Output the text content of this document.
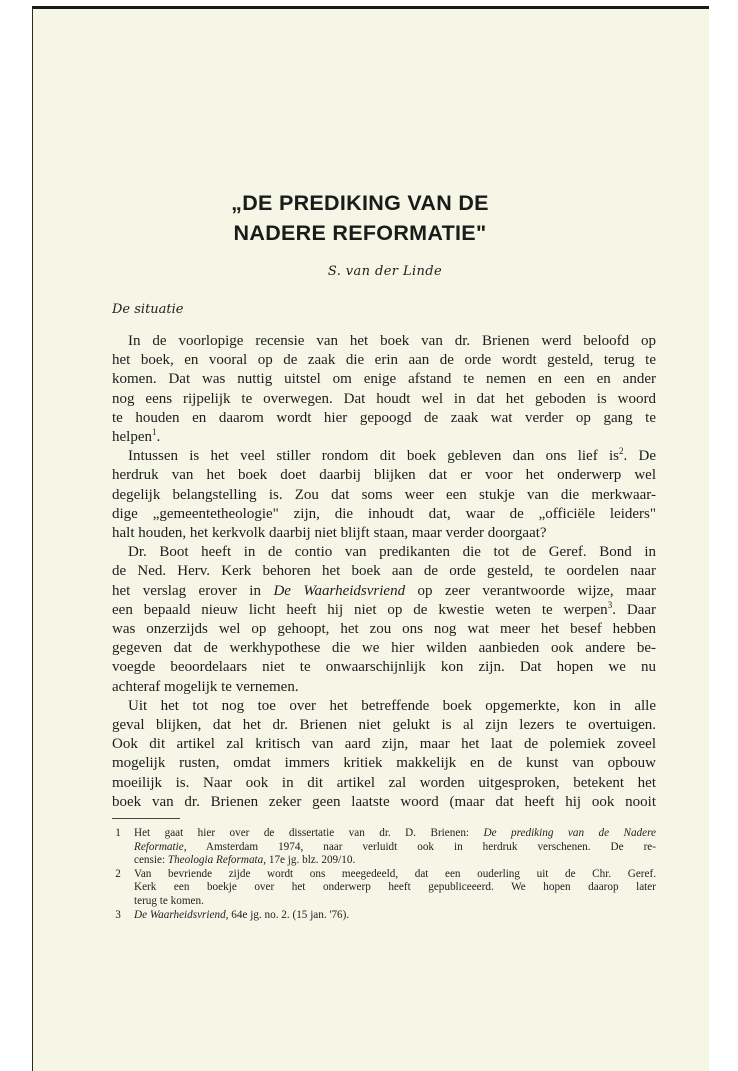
„DE PREDIKING VAN DE
NADERE REFORMATIE"
S. van der Linde
De situatie
In de voorlopige recensie van het boek van dr. Brienen werd beloofd op
het boek, en vooral op de zaak die erin aan de orde wordt gesteld, terug te
komen. Dat was nuttig uitstel om enige afstand te nemen en een en ander
nog eens rijpelijk te overwegen. Dat houdt wel in dat het geboden is woord
te houden en daarom wordt hier gepoogd de zaak wat verder op gang te
helpen$^1$.
Intussen is het veel stiller rondom dit boek gebleven dan ons lief $is^2$. De
herdruk van het boek doet daarbij blijken dat er voor het onderwerp wel
degelijk belangstelling is. Zou dat soms weer een stukje van die merkwaar-
dige „gemeentetheologie" zijn, die inhoudt dat, waar de „officiële leiders"
halt houden, het kerkvolk daarbij niet blijft staan, maar verder doorgaat?
Dr. Boot heeft in de contio van predikanten die tot de Geref. Bond in
de Ned. Herv. Kerk behoren het boek aan de orde gesteld, te oordelen naar
het verslag erover in De Waarheidsvriend op zeer verantwoorde wijze, maar
een bepaald nieuw licht heeft hij niet op de kwestie weten te werpen$^3$. Daar
was onzerzijds wel op gehoopt, het zou ons nog wat meer het besef hebben
gegeven dat de werkhypothese die we hier wilden aanbieden ook andere be-
voegde beoordelaars niet te onwaarschijnlijk kon zijn. Dat hopen we nu
achteraf mogelijk te vernemen.
Uit het tot nog toe over het betreffende boek opgemerkte, kon in alle
geval blijken, dat het dr. Brienen niet gelukt is al zijn lezers te overtuigen.
Ook dit artikel zal kritisch van aard zijn, maar het laat de polemiek zoveel
mogelijk rusten, omdat immers kritiek makkelijk en de kunst van opbouw
moeilijk is. Naar ook in dit artikel zal worden uitgesproken, betekent het
boek van dr. Brienen zeker geen laatste woord (maar dat heeft hij ook nooit
1 Het gaat hier over de dissertatie van dr. D. Brienen: De prediking van de Nadere
Reformatie, Amsterdam 1974, naar verluidt ook in herdruk verschenen. De re-
censie: Theologia Reformata, 17e jg. blz. 209/10.
2 Van bevriende zijde wordt ons meegedeeld, dat een ouderling uit de Chr. Geref.
Kerk een boekje over het onderwerp heeft gepubliceeerd. We hopen daarop later
terug te komen.
3 De Waarheidsvriend, 64e jg. no. 2. (15 jan. '76).
